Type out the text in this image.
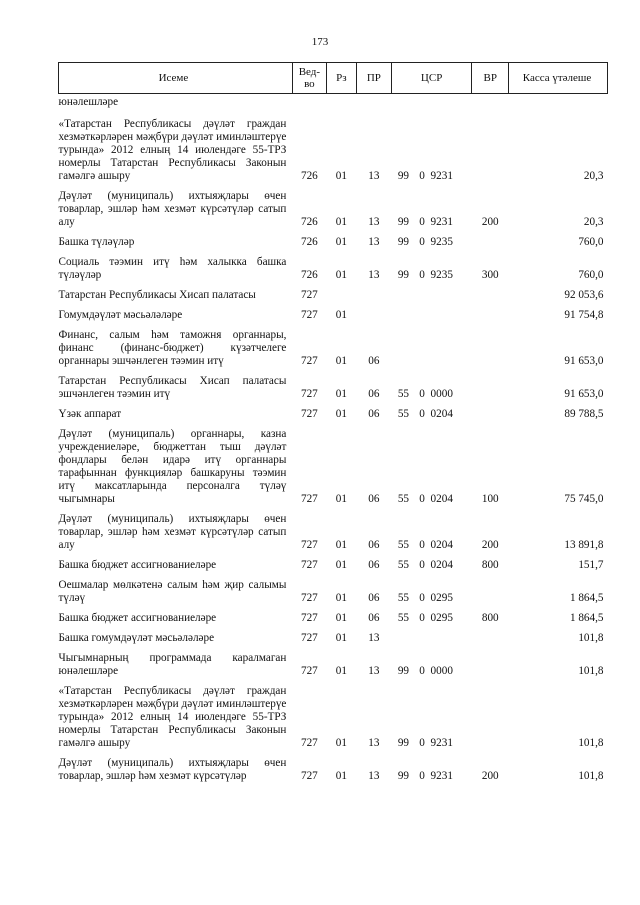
173
Исеме	Вед-во	Рз	ПР	ЦСР			ВР	Касса үтәлеше
юнәлешләре								
«Татарстан Республикасы дәүләт граждан хезмәткәрләрен мәҗбүри дәүләт иминләштерүе турында» 2012 елның 14 июлендәге 55-ТРЗ номерлы Татарстан Республикасы Законын гамәлгә ашыру	726	01	13	99	0	9231		20,3
Дәүләт (муниципаль) ихтыяҗлары өчен товарлар, эшләр һәм хезмәт күрсәтүләр сатып алу	726	01	13	99	0	9231	200	20,3
Башка түләүләр	726	01	13	99	0	9235		760,0
Социаль тәэмин итү һәм халыкка башка түләүләр	726	01	13	99	0	9235	300	760,0
Татарстан Республикасы Хисап палатасы	727							92 053,6
Гомумдәүләт мәсьәләләре	727	01						91 754,8
Финанс, салым һәм таможня органнары, финанс (финанс-бюджет) күзәтчелеге органнары эшчәнлеген тәэмин итү	727	01	06					91 653,0
Татарстан Республикасы Хисап палатасы эшчәнлеген тәэмин итү	727	01	06	55	0	0000		91 653,0
Үзәк аппарат	727	01	06	55	0	0204		89 788,5
Дәүләт (муниципаль) органнары, казна учреждениеләре, бюджеттан тыш дәүләт фондлары белән идарә итү органнары тарафыннан функцияләр башкаруны тәэмин итү максатларында персоналга түләү чыгымнары	727	01	06	55	0	0204	100	75 745,0
Дәүләт (муниципаль) ихтыяҗлары өчен товарлар, эшләр һәм хезмәт күрсәтүләр сатып алу	727	01	06	55	0	0204	200	13 891,8
Башка бюджет ассигнованиеләре	727	01	06	55	0	0204	800	151,7
Оешмалар мөлкәтенә салым һәм җир салымы түләү	727	01	06	55	0	0295		1 864,5
Башка бюджет ассигнованиеләре	727	01	06	55	0	0295	800	1 864,5
Башка гомумдәүләт мәсьәләләре	727	01	13					101,8
Чыгымнарның программада каралмаган юнәлешләре	727	01	13	99	0	0000		101,8
«Татарстан Республикасы дәүләт граждан хезмәткәрләрен мәҗбүри дәүләт иминләштерүе турында» 2012 елның 14 июлендәге 55-ТРЗ номерлы Татарстан Республикасы Законын гамәлгә ашыру	727	01	13	99	0	9231		101,8
Дәүләт (муниципаль) ихтыяҗлары өчен товарлар, эшләр һәм хезмәт күрсәтүләр	727	01	13	99	0	9231	200	101,8
